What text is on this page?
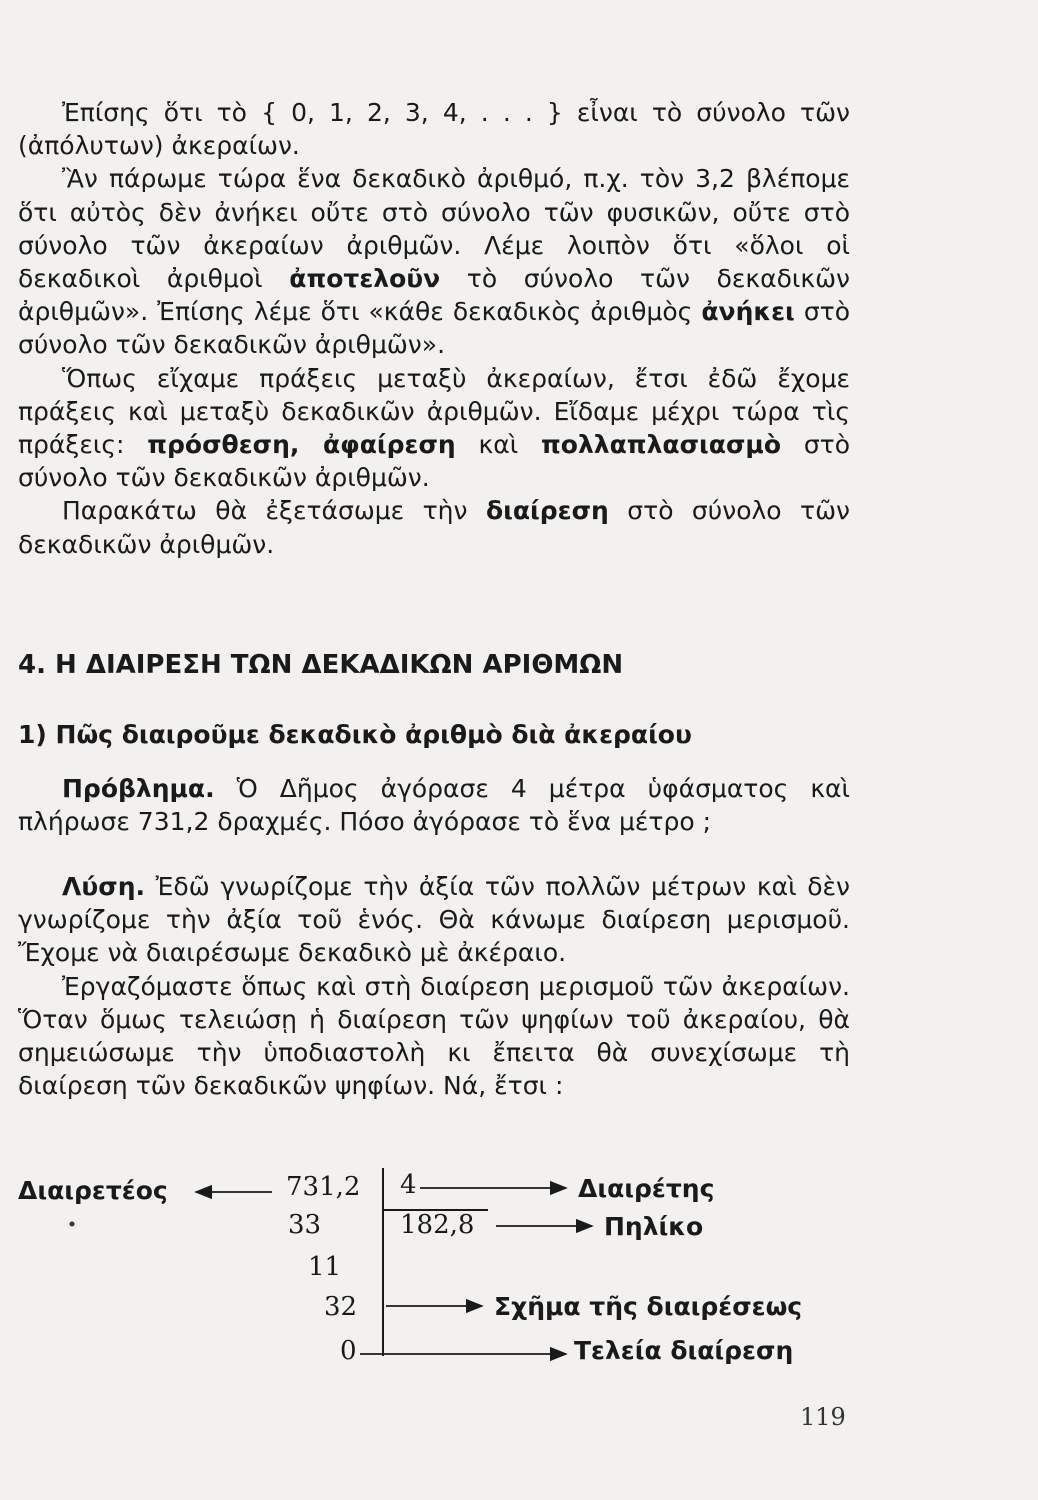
Ἐπίσης ὅτι τὸ { 0, 1, 2, 3, 4, . . . } εἶναι τὸ σύνολο τῶν (ἀπόλυτων) ἀκεραίων.

Ἂν πάρωμε τώρα ἕνα δεκαδικὸ ἀριθμό, π.χ. τὸν 3,2 βλέπομε ὅτι αὐτὸς δὲν ἀνήκει οὔτε στὸ σύνολο τῶν φυσικῶν, οὔτε στὸ σύνολο τῶν ἀκεραίων ἀριθμῶν. Λέμε λοιπὸν ὅτι «ὅλοι οἱ δεκαδικοὶ ἀριθμοὶ ἀποτελοῦν τὸ σύνολο τῶν δεκαδικῶν ἀριθμῶν». Ἐπίσης λέμε ὅτι «κάθε δεκαδικὸς ἀριθμὸς ἀνήκει στὸ σύνολο τῶν δεκαδικῶν ἀριθμῶν».

Ὅπως εἴχαμε πράξεις μεταξὺ ἀκεραίων, ἔτσι ἐδῶ ἔχομε πράξεις καὶ μεταξὺ δεκαδικῶν ἀριθμῶν. Εἴδαμε μέχρι τώρα τὶς πράξεις: πρόσθεση, ἀφαίρεση καὶ πολλαπλασιασμὸ στὸ σύνολο τῶν δεκαδικῶν ἀριθμῶν.

Παρακάτω θὰ ἐξετάσωμε τὴν διαίρεση στὸ σύνολο τῶν δεκαδικῶν ἀριθμῶν.

4. Η ΔΙΑΙΡΕΣΗ ΤΩΝ ΔΕΚΑΔΙΚΩΝ ΑΡΙΘΜΩΝ
1) Πῶς διαιροῦμε δεκαδικὸ ἀριθμὸ διὰ ἀκεραίου

Πρόβλημα. Ὁ Δῆμος ἀγόρασε 4 μέτρα ὑφάσματος καὶ πλήρωσε 731,2 δραχμές. Πόσο ἀγόρασε τὸ ἕνα μέτρο ;

Λύση. Ἐδῶ γνωρίζομε τὴν ἀξία τῶν πολλῶν μέτρων καὶ δὲν γνωρίζομε τὴν ἀξία τοῦ ἑνός. Θὰ κάνωμε διαίρεση μερισμοῦ. Ἔχομε νὰ διαιρέσωμε δεκαδικὸ μὲ ἀκέραιο.

Ἐργαζόμαστε ὅπως καὶ στὴ διαίρεση μερισμοῦ τῶν ἀκεραίων. Ὅταν ὅμως τελειώσῃ ἡ διαίρεση τῶν ψηφίων τοῦ ἀκεραίου, θὰ σημειώσωμε τὴν ὑποδιαστολὴ κι ἔπειτα θὰ συνεχίσωμε τὴ διαίρεση τῶν δεκαδικῶν ψηφίων. Νά, ἔτσι :

Διαιρετέος	731,2 4	Διαιρέτης
33	182,8	Πηλίκο
11
32	Σχῆμα τῆς διαιρέσεως
0	Τελεία διαίρεση
119
